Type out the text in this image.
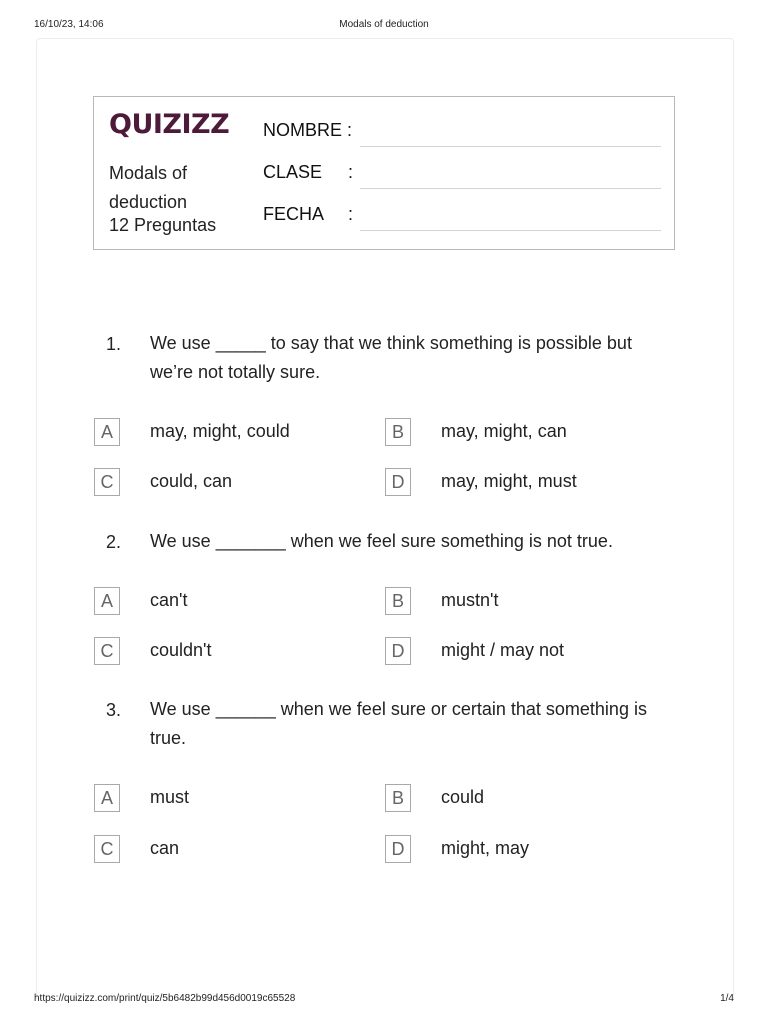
16/10/23, 14:06	Modals of deduction
QUIZIZZ
Modals of deduction
12 Preguntas
NOMBRE :
CLASE :
FECHA :
1. We use _____ to say that we think something is possible but we’re not totally sure.
A	may, might, could	B	may, might, can
C	could, can	D	may, might, must
2. We use _______ when we feel sure something is not true.
A	can't	B	mustn't
C	couldn't	D	might / may not
3. We use ______ when we feel sure or certain that something is true.
A	must	B	could
C	can	D	might, may
https://quizizz.com/print/quiz/5b6482b99d456d0019c65528	1/4
